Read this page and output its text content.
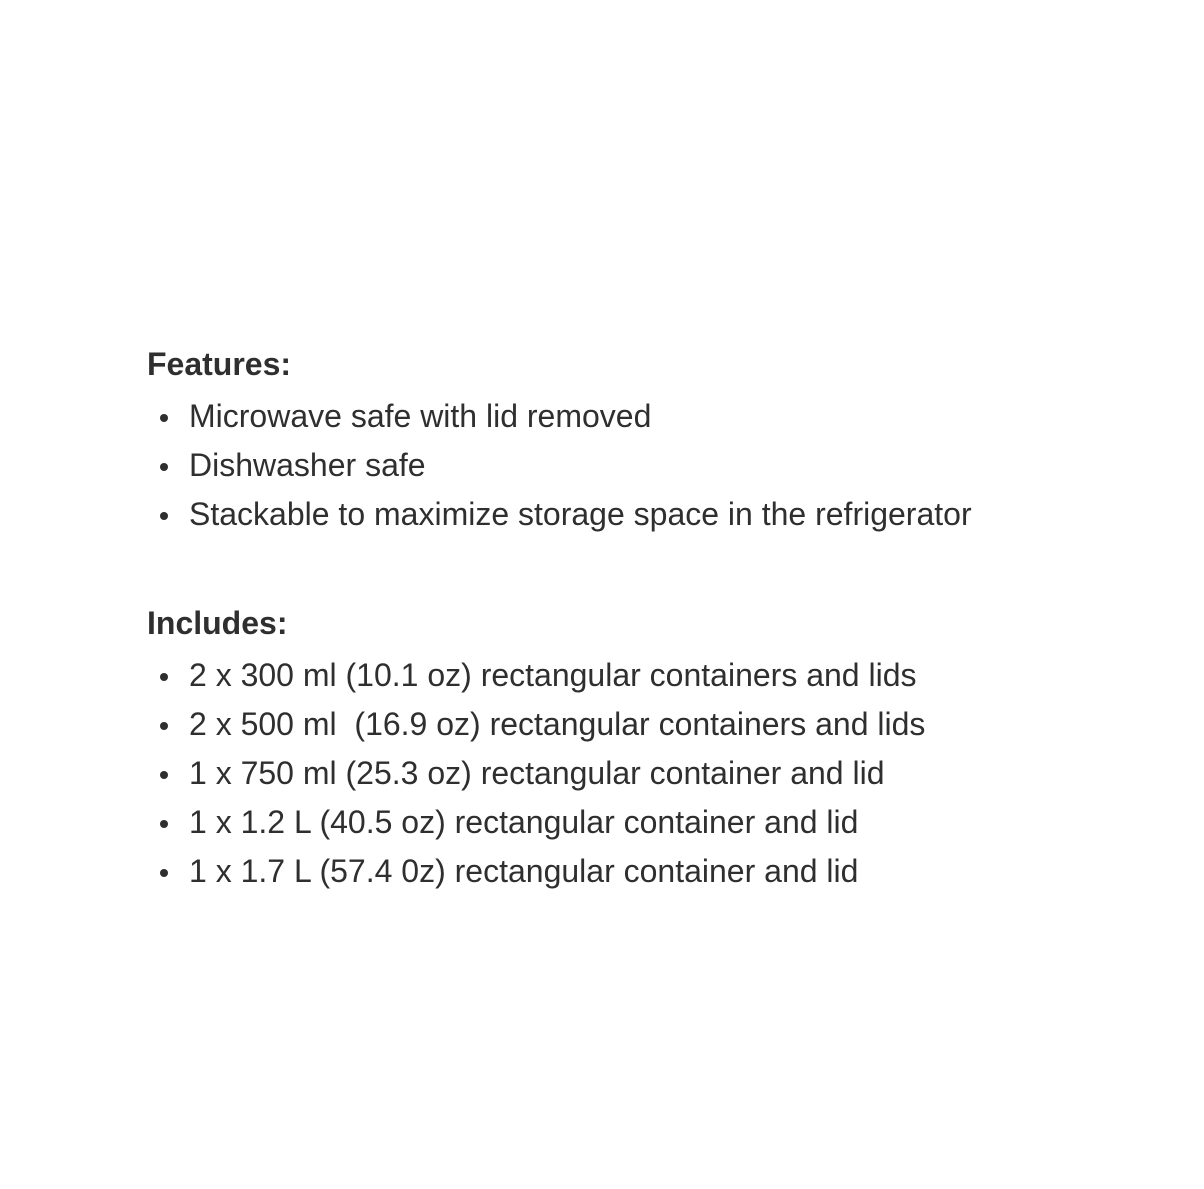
Features:
Microwave safe with lid removed
Dishwasher safe
Stackable to maximize storage space in the refrigerator
Includes:
2 x 300 ml (10.1 oz) rectangular containers and lids
2 x 500 ml  (16.9 oz) rectangular containers and lids
1 x 750 ml (25.3 oz) rectangular container and lid
1 x 1.2 L (40.5 oz) rectangular container and lid
1 x 1.7 L (57.4 0z) rectangular container and lid
